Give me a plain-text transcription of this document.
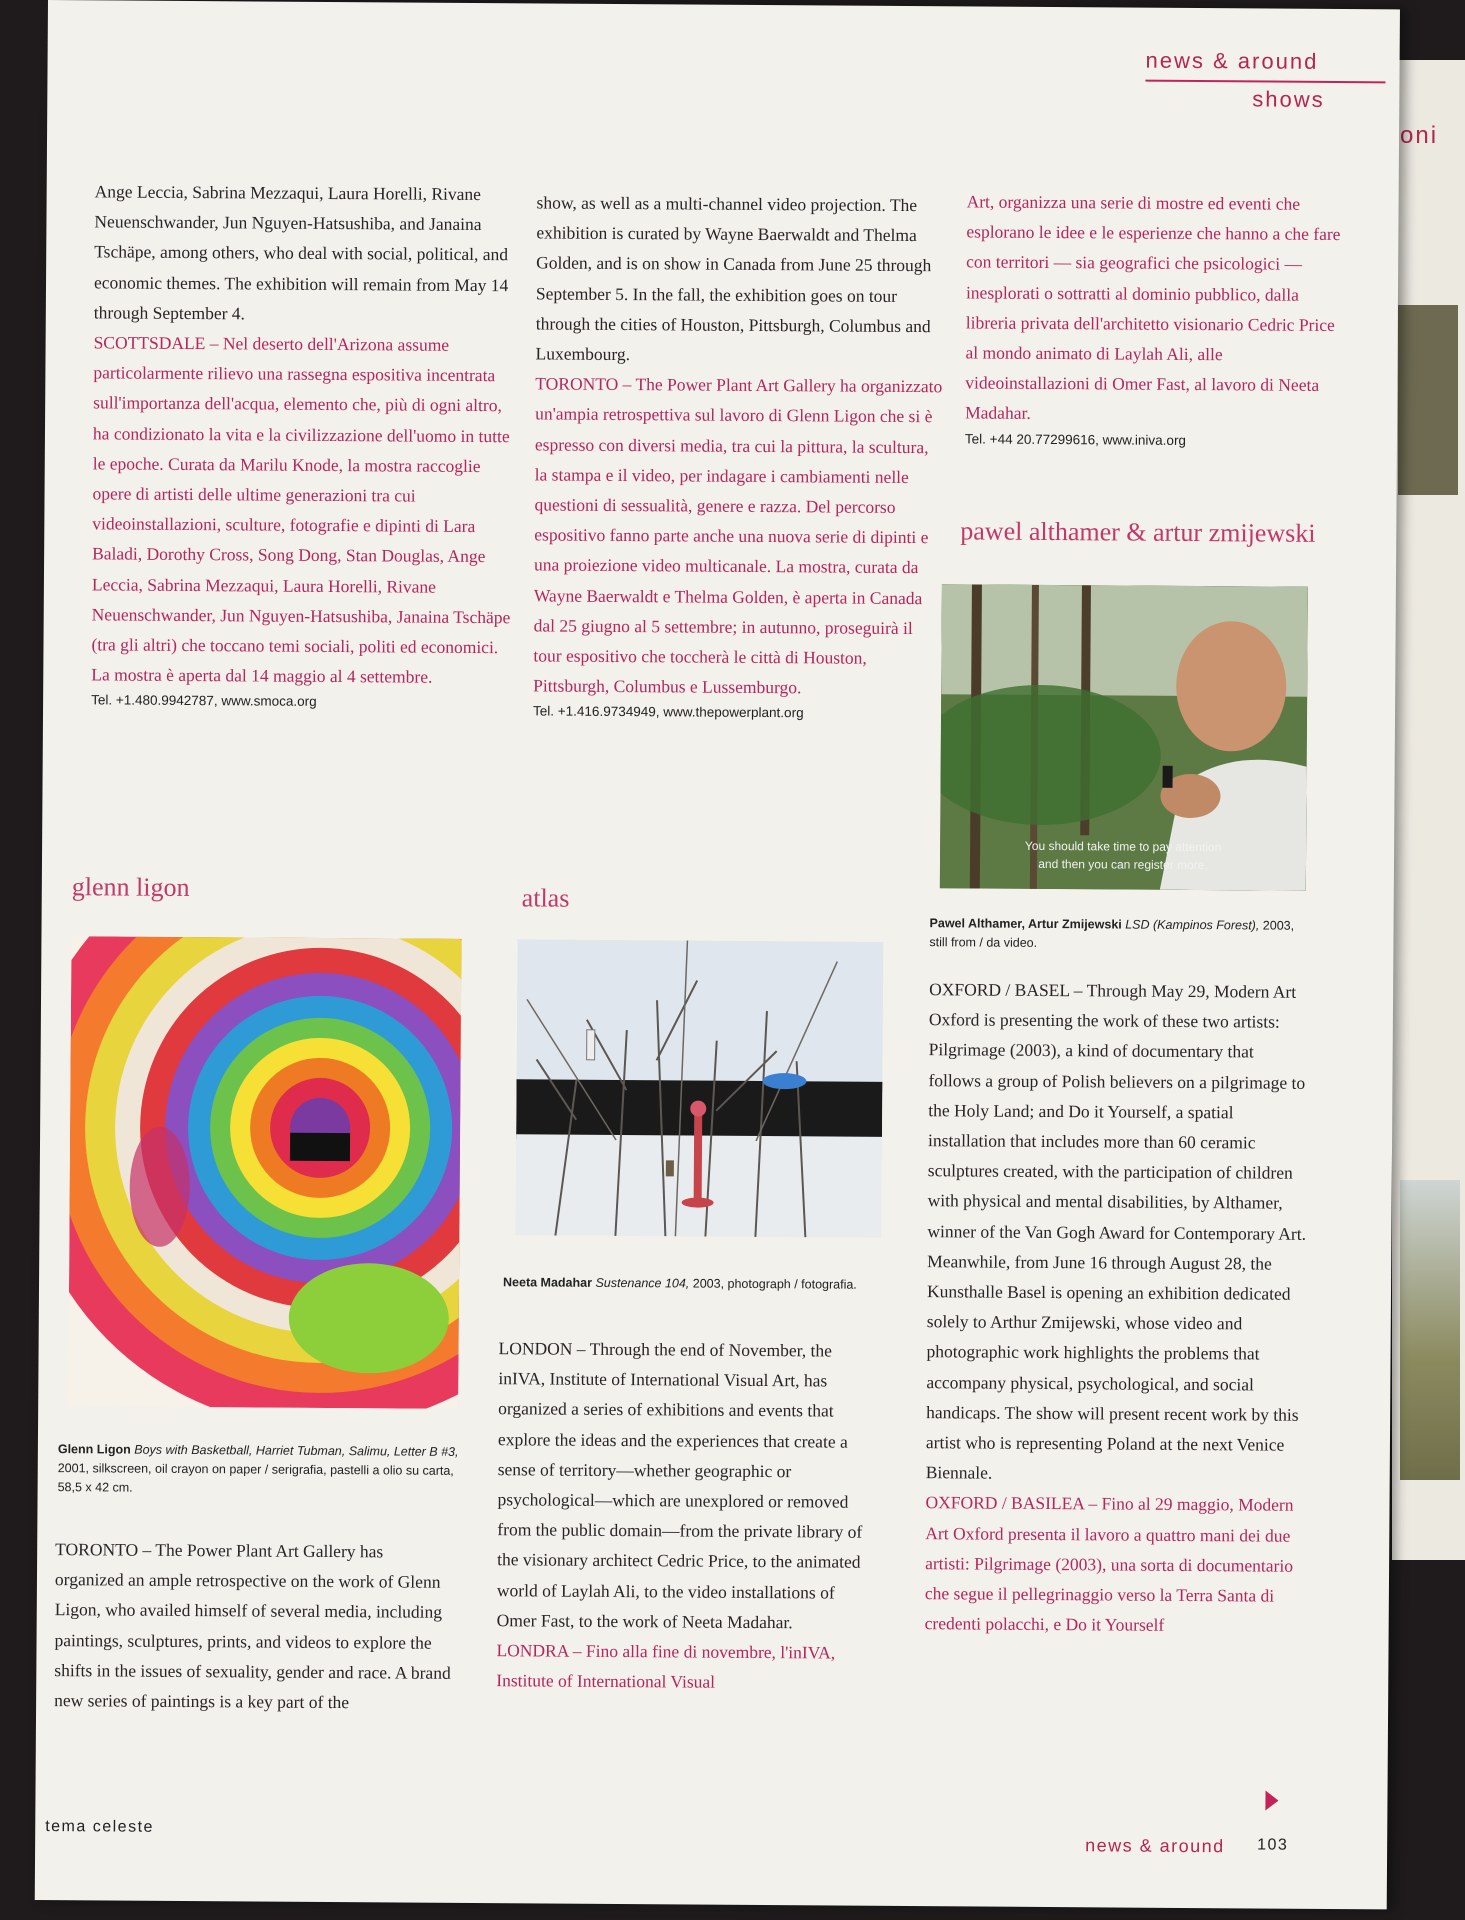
oni
news & around
shows

Ange Leccia, Sabrina Mezzaqui, Laura Horelli, Rivane Neuenschwander, Jun Nguyen-Hatsushiba, and Janaina Tschäpe, among others, who deal with social, political, and economic themes. The exhibition will remain from May 14 through September 4.

SCOTTSDALE – Nel deserto dell'Arizona assume particolarmente rilievo una rassegna espositiva incentrata sull'importanza dell'acqua, elemento che, più di ogni altro, ha condizionato la vita e la civilizzazione dell'uomo in tutte le epoche. Curata da Marilu Knode, la mostra raccoglie opere di artisti delle ultime generazioni tra cui videoinstallazioni, sculture, fotografie e dipinti di Lara Baladi, Dorothy Cross, Song Dong, Stan Douglas, Ange Leccia, Sabrina Mezzaqui, Laura Horelli, Rivane Neuenschwander, Jun Nguyen-Hatsushiba, Janaina Tschäpe (tra gli altri) che toccano temi sociali, politi ed economici. La mostra è aperta dal 14 maggio al 4 settembre.

Tel. +1.480.9942787, www.smoca.org

show, as well as a multi-channel video projection. The exhibition is curated by Wayne Baerwaldt and Thelma Golden, and is on show in Canada from June 25 through September 5. In the fall, the exhibition goes on tour through the cities of Houston, Pittsburgh, Columbus and Luxembourg.

TORONTO – The Power Plant Art Gallery ha organizzato un'ampia retrospettiva sul lavoro di Glenn Ligon che si è espresso con diversi media, tra cui la pittura, la scultura, la stampa e il video, per indagare i cambiamenti nelle questioni di sessualità, genere e razza. Del percorso espositivo fanno parte anche una nuova serie di dipinti e una proiezione video multicanale. La mostra, curata da Wayne Baerwaldt e Thelma Golden, è aperta in Canada dal 25 giugno al 5 settembre; in autunno, proseguirà il tour espositivo che toccherà le città di Houston, Pittsburgh, Columbus e Lussemburgo.

Tel. +1.416.9734949, www.thepowerplant.org

Art, organizza una serie di mostre ed eventi che esplorano le idee e le esperienze che hanno a che fare con territori — sia geografici che psicologici — inesplorati o sottratti al dominio pubblico, dalla libreria privata dell'architetto visionario Cedric Price al mondo animato di Laylah Ali, alle videoinstallazioni di Omer Fast, al lavoro di Neeta Madahar.

Tel. +44 20.77299616, www.iniva.org

glenn ligon	atlas
pawel althamer & artur zmijewski
Glenn Ligon Boys with Basketball, Harriet Tubman, Salimu, Letter B #3, 2001, silkscreen, oil crayon on paper / serigrafia, pastelli a olio su carta, 58,5 x 42 cm.

TORONTO – The Power Plant Art Gallery has organized an ample retrospective on the work of Glenn Ligon, who availed himself of several media, including paintings, sculptures, prints, and videos to explore the shifts in the issues of sexuality, gender and race. A brand new series of paintings is a key part of the

Neeta Madahar Sustenance 104, 2003, photograph / fotografia.

LONDON – Through the end of November, the inIVA, Institute of International Visual Art, has organized a series of exhibitions and events that explore the ideas and the experiences that create a sense of territory—whether geographic or psychological—which are unexplored or removed from the public domain—from the private library of the visionary architect Cedric Price, to the animated world of Laylah Ali, to the video installations of Omer Fast, to the work of Neeta Madahar.

LONDRA – Fino alla fine di novembre, l'inIVA, Institute of International Visual

You should take time to pay attention
and then you can register more.
Pawel Althamer, Artur Zmijewski LSD (Kampinos Forest), 2003, still from / da video.

OXFORD / BASEL – Through May 29, Modern Art Oxford is presenting the work of these two artists: Pilgrimage (2003), a kind of documentary that follows a group of Polish believers on a pilgrimage to the Holy Land; and Do it Yourself, a spatial installation that includes more than 60 ceramic sculptures created, with the participation of children with physical and mental disabilities, by Althamer, winner of the Van Gogh Award for Contemporary Art. Meanwhile, from June 16 through August 28, the Kunsthalle Basel is opening an exhibition dedicated solely to Arthur Zmijewski, whose video and photographic work highlights the problems that accompany physical, psychological, and social handicaps. The show will present recent work by this artist who is representing Poland at the next Venice Biennale.

OXFORD / BASILEA – Fino al 29 maggio, Modern Art Oxford presenta il lavoro a quattro mani dei due artisti: Pilgrimage (2003), una sorta di documentario che segue il pellegrinaggio verso la Terra Santa di credenti polacchi, e Do it Yourself

tema celeste
news & around 103
